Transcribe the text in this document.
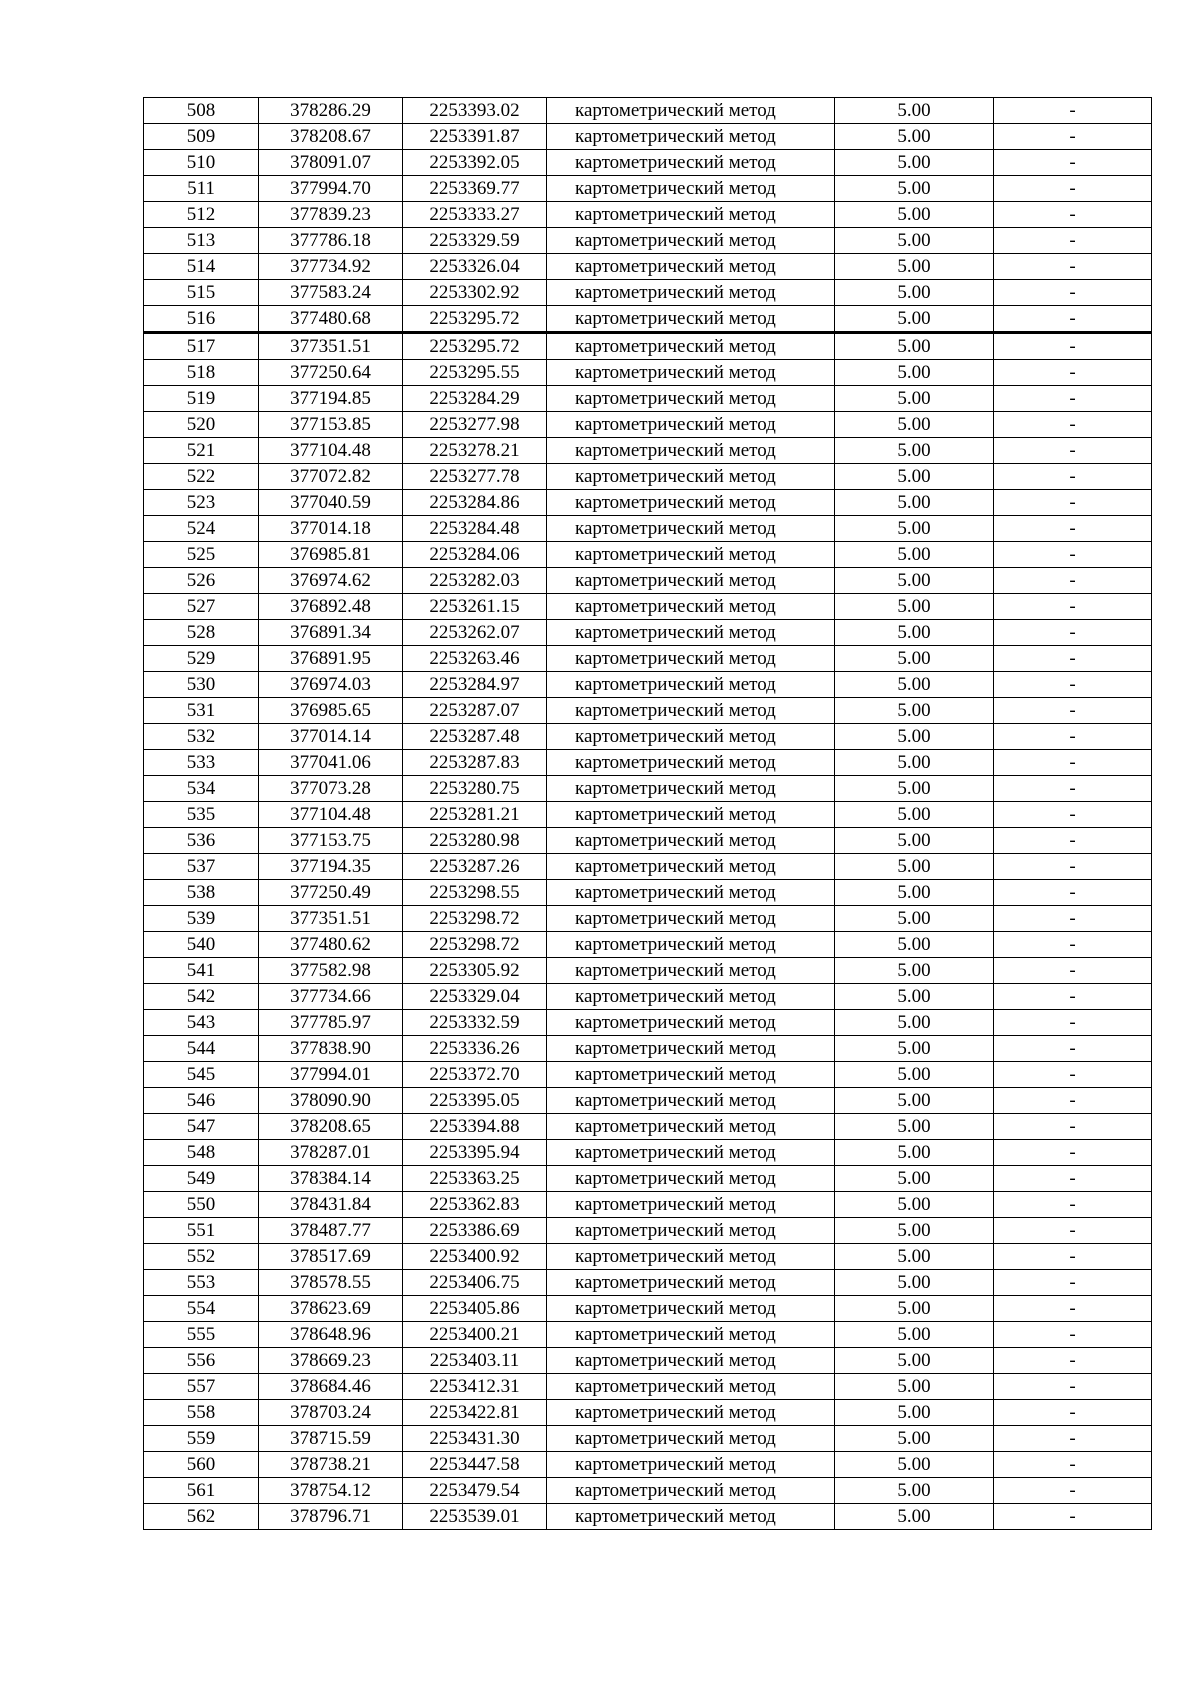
508	378286.29	2253393.02	картометрический метод	5.00	-
509	378208.67	2253391.87	картометрический метод	5.00	-
510	378091.07	2253392.05	картометрический метод	5.00	-
511	377994.70	2253369.77	картометрический метод	5.00	-
512	377839.23	2253333.27	картометрический метод	5.00	-
513	377786.18	2253329.59	картометрический метод	5.00	-
514	377734.92	2253326.04	картометрический метод	5.00	-
515	377583.24	2253302.92	картометрический метод	5.00	-
516	377480.68	2253295.72	картометрический метод	5.00	-
517	377351.51	2253295.72	картометрический метод	5.00	-
518	377250.64	2253295.55	картометрический метод	5.00	-
519	377194.85	2253284.29	картометрический метод	5.00	-
520	377153.85	2253277.98	картометрический метод	5.00	-
521	377104.48	2253278.21	картометрический метод	5.00	-
522	377072.82	2253277.78	картометрический метод	5.00	-
523	377040.59	2253284.86	картометрический метод	5.00	-
524	377014.18	2253284.48	картометрический метод	5.00	-
525	376985.81	2253284.06	картометрический метод	5.00	-
526	376974.62	2253282.03	картометрический метод	5.00	-
527	376892.48	2253261.15	картометрический метод	5.00	-
528	376891.34	2253262.07	картометрический метод	5.00	-
529	376891.95	2253263.46	картометрический метод	5.00	-
530	376974.03	2253284.97	картометрический метод	5.00	-
531	376985.65	2253287.07	картометрический метод	5.00	-
532	377014.14	2253287.48	картометрический метод	5.00	-
533	377041.06	2253287.83	картометрический метод	5.00	-
534	377073.28	2253280.75	картометрический метод	5.00	-
535	377104.48	2253281.21	картометрический метод	5.00	-
536	377153.75	2253280.98	картометрический метод	5.00	-
537	377194.35	2253287.26	картометрический метод	5.00	-
538	377250.49	2253298.55	картометрический метод	5.00	-
539	377351.51	2253298.72	картометрический метод	5.00	-
540	377480.62	2253298.72	картометрический метод	5.00	-
541	377582.98	2253305.92	картометрический метод	5.00	-
542	377734.66	2253329.04	картометрический метод	5.00	-
543	377785.97	2253332.59	картометрический метод	5.00	-
544	377838.90	2253336.26	картометрический метод	5.00	-
545	377994.01	2253372.70	картометрический метод	5.00	-
546	378090.90	2253395.05	картометрический метод	5.00	-
547	378208.65	2253394.88	картометрический метод	5.00	-
548	378287.01	2253395.94	картометрический метод	5.00	-
549	378384.14	2253363.25	картометрический метод	5.00	-
550	378431.84	2253362.83	картометрический метод	5.00	-
551	378487.77	2253386.69	картометрический метод	5.00	-
552	378517.69	2253400.92	картометрический метод	5.00	-
553	378578.55	2253406.75	картометрический метод	5.00	-
554	378623.69	2253405.86	картометрический метод	5.00	-
555	378648.96	2253400.21	картометрический метод	5.00	-
556	378669.23	2253403.11	картометрический метод	5.00	-
557	378684.46	2253412.31	картометрический метод	5.00	-
558	378703.24	2253422.81	картометрический метод	5.00	-
559	378715.59	2253431.30	картометрический метод	5.00	-
560	378738.21	2253447.58	картометрический метод	5.00	-
561	378754.12	2253479.54	картометрический метод	5.00	-
562	378796.71	2253539.01	картометрический метод	5.00	-
